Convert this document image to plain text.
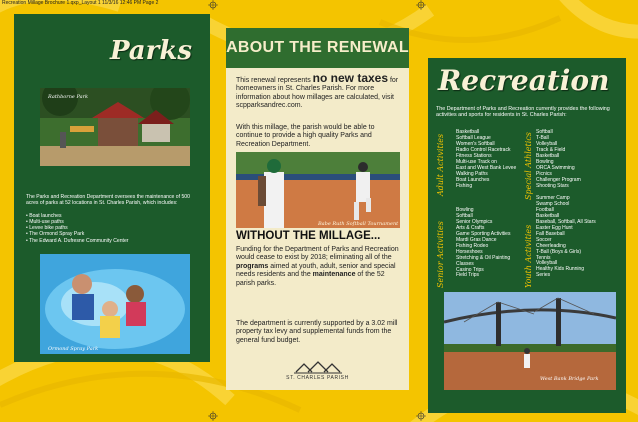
Recreation Millage Brochure 1.qxp_Layout 1 11/3/16 12:46 PM Page 2
Parks
Rathborne Park
The Parks and Recreation Department oversees the maintenance of 500 acres of parks at 52 locations in St. Charles Parish, which includes:
• Boat launches
• Multi-use paths
• Levee bike paths
• The Ormond Spray Park
• The Edward A. Dufresne Community Center
Ormond Spray Park
ABOUT THE RENEWAL
This renewal represents no new taxes for homeowners in St. Charles Parish. For more information about how millages are calculated, visit scpparksandrec.com.
With this millage, the parish would be able to continue to provide a high quality Parks and Recreation Department.
Babe Ruth Softball Tournament
WITHOUT THE MILLAGE...
Funding for the Department of Parks and Recreation would cease to exist by 2018; eliminating all of the programs aimed at youth, adult, senior and special needs residents and the maintenance of the 52 parish parks.
The department is currently supported by a 3.02 mill property tax levy and supplemental funds from the general fund budget.
ST. CHARLES PARISH
Recreation
The Department of Parks and Recreation currently provides the following activities and sports for residents in St. Charles Parish:
Adult Activities
Basketball
Softball League
Women's Softball
Radio Control Racetrack
Fitness Stations
Multi-use Track on
East and West Bank Levee
Walking Paths
Boat Launches
Fishing	Special Athletics
Softball
T-Ball
Volleyball
Track & Field
Basketball
Bowling
ORCA Swimming
Picnics
Challenger Program
Shooting Stars
Senior Activities
Bowling
Softball
Senior Olympics
Arts & Crafts
Game Sporting Activities
Mardi Gras Dance
Fishing Rodeo
Horseshoes
Stretching & Oil Painting
Classes
Casino Trips
Field Trips	Youth Activities
Summer Camp
Swamp School
Football
Basketball
Baseball, Softball, All Stars
Easter Egg Hunt
Fall Baseball
Soccer
Cheerleading
T-Ball (Boys & Girls)
Tennis
Volleyball
Healthy Kids Running
Series
West Bank Bridge Park
